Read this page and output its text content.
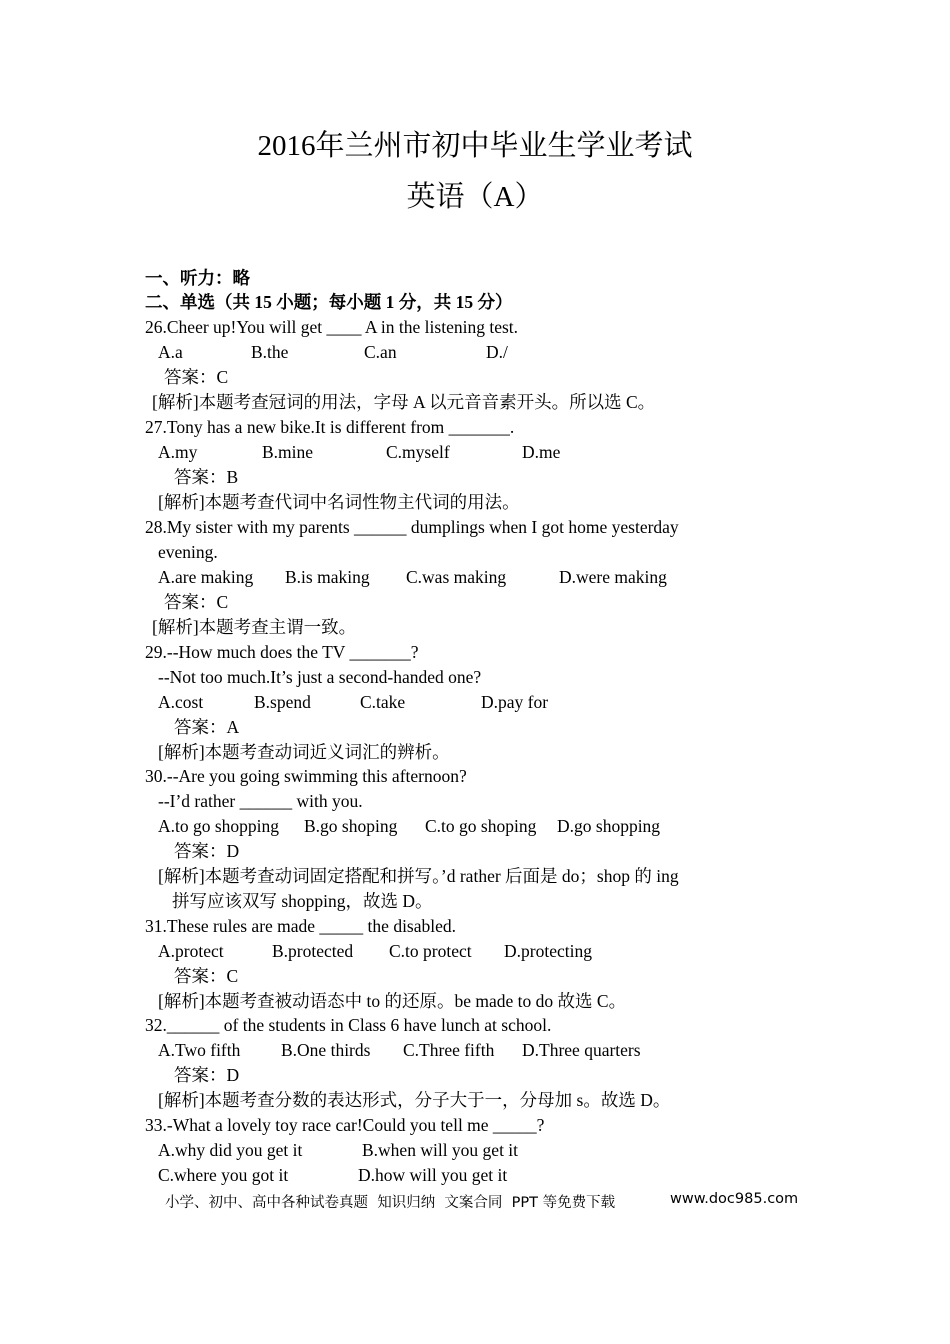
2016年兰州市初中毕业生学业考试
英语（A）
一、听力：略
二、单选（共 15 小题；每小题 1 分，共 15 分）
26.Cheer up!You will get ____ A in the listening test.
A.a	B.the	C.an	D./
答案：C
[解析]本题考查冠词的用法，字母 A 以元音音素开头。所以选 C。
27.Tony has a new bike.It is different from _______.
A.my	B.mine	C.myself	D.me
答案：B
[解析]本题考查代词中名词性物主代词的用法。
28.My sister with my parents ______ dumplings when I got home yesterday
evening.
A.are making B.is making C.was making	D.were making
答案：C
[解析]本题考查主谓一致。
29.--How much does the TV _______?
--Not too much.It’s just a second-handed one?
A.cost	B.spend	C.take	D.pay for
答案：A
[解析]本题考查动词近义词汇的辨析。
30.--Are you going swimming this afternoon?
--I’d rather ______ with you.
A.to go shopping B.go shoping C.to go shoping D.go shopping
答案：D
[解析]本题考查动词固定搭配和拼写。’d rather 后面是 do；shop 的 ing
拼写应该双写 shopping，故选 D。
31.These rules are made _____ the disabled.
A.protect	B.protected C.to protect D.protecting
答案：C
[解析]本题考查被动语态中 to 的还原。be made to do 故选 C。
32.______ of the students in Class 6 have lunch at school.
A.Two fifth B.One thirds C.Three fifth D.Three quarters
答案：D
[解析]本题考查分数的表达形式，分子大于一，分母加 s。故选 D。
33.-What a lovely toy race car!Could you tell me _____?
A.why did you get it	B.when will you get it
C.where you got it	D.how will you get it
小学、初中、高中各种试卷真题  知识归纳  文案合同  PPT 等免费下载	www.doc985.com
